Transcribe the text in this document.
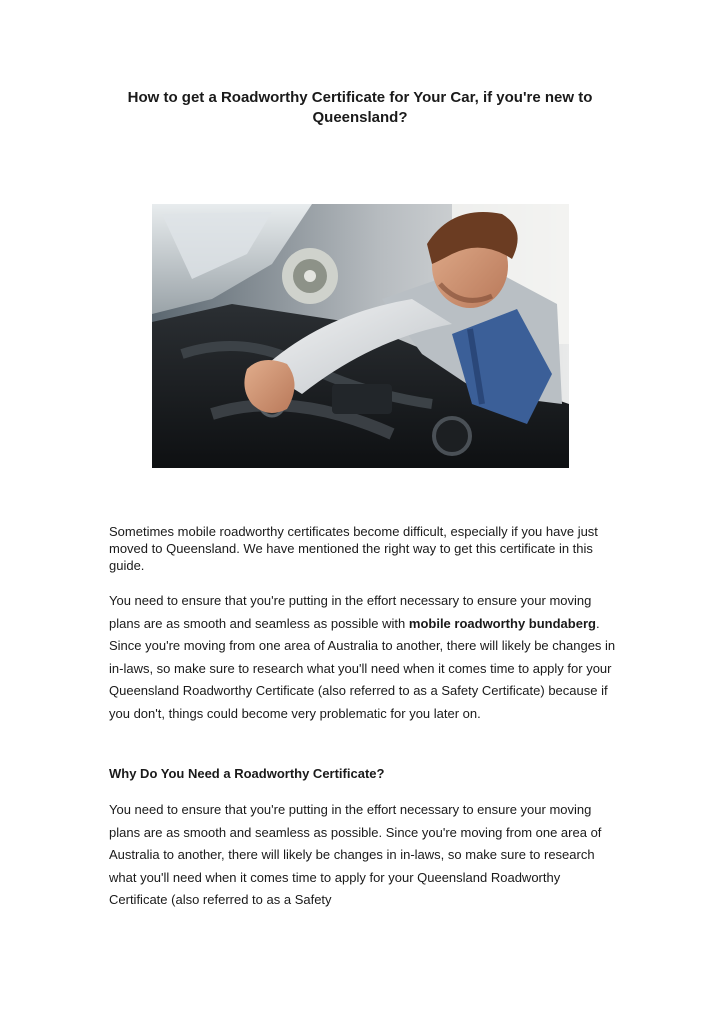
How to get a Roadworthy Certificate for Your Car, if you're new to Queensland?

Sometimes mobile roadworthy certificates become difficult, especially if you have just moved to Queensland. We have mentioned the right way to get this certificate in this guide.

You need to ensure that you're putting in the effort necessary to ensure your moving plans are as smooth and seamless as possible with mobile roadworthy bundaberg. Since you're moving from one area of Australia to another, there will likely be changes in in-laws, so make sure to research what you'll need when it comes time to apply for your Queensland Roadworthy Certificate (also referred to as a Safety Certificate) because if you don't, things could become very problematic for you later on.

Why Do You Need a Roadworthy Certificate?

You need to ensure that you're putting in the effort necessary to ensure your moving plans are as smooth and seamless as possible. Since you're moving from one area of Australia to another, there will likely be changes in in-laws, so make sure to research what you'll need when it comes time to apply for your Queensland Roadworthy Certificate (also referred to as a Safety
